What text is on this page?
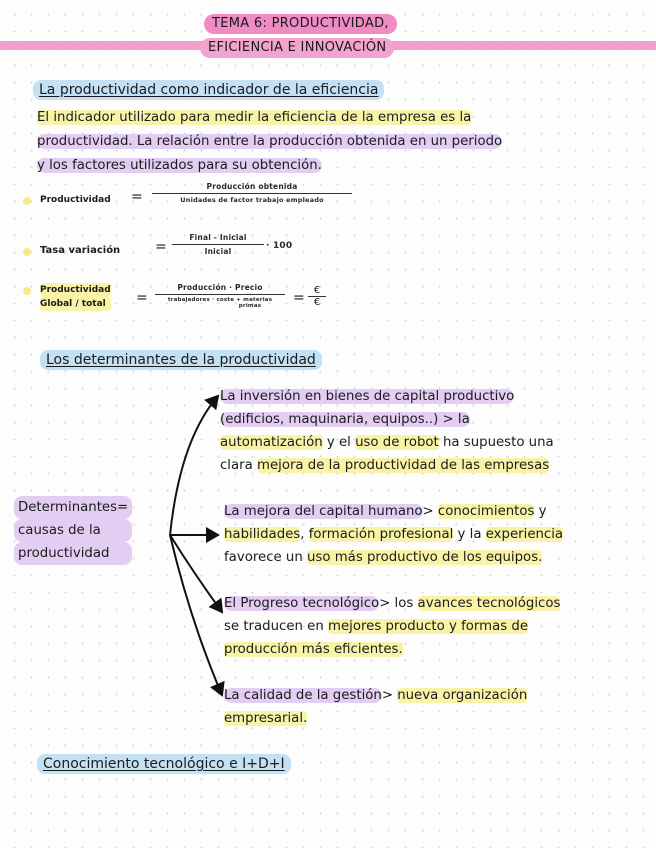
TEMA 6: PRODUCTIVIDAD,
EFICIENCIA E INNOVACIÓN
La productividad como indicador de la eficiencia
El indicador utilizado para medir la eficiencia de la empresa es la
productividad. La relación entre la producción obtenida en un periodo
y los factores utilizados para su obtención.
Productividad =
Producción obtenida
Unidades de factor trabajo empleado
Tasa variación =
Final - Inicial
Inicial
· 100
Productividad
Global / total	=
Producción · Precio
trabajadores · coste + materias
primas	= €
€
Los determinantes de la productividad
Determinantes=
causas de la
productividad
La inversión en bienes de capital productivo
(edificios, maquinaria, equipos..) > la
automatización y el uso de robot ha supuesto una
clara mejora de la productividad de las empresas
La mejora del capital humano> conocimientos y
habilidades, formación profesional y la experiencia
favorece un uso más productivo de los equipos.
El Progreso tecnológico> los avances tecnológicos
se traducen en mejores producto y formas de
producción más eficientes.
La calidad de la gestión> nueva organización
empresarial.
Conocimiento tecnológico e I+D+I
